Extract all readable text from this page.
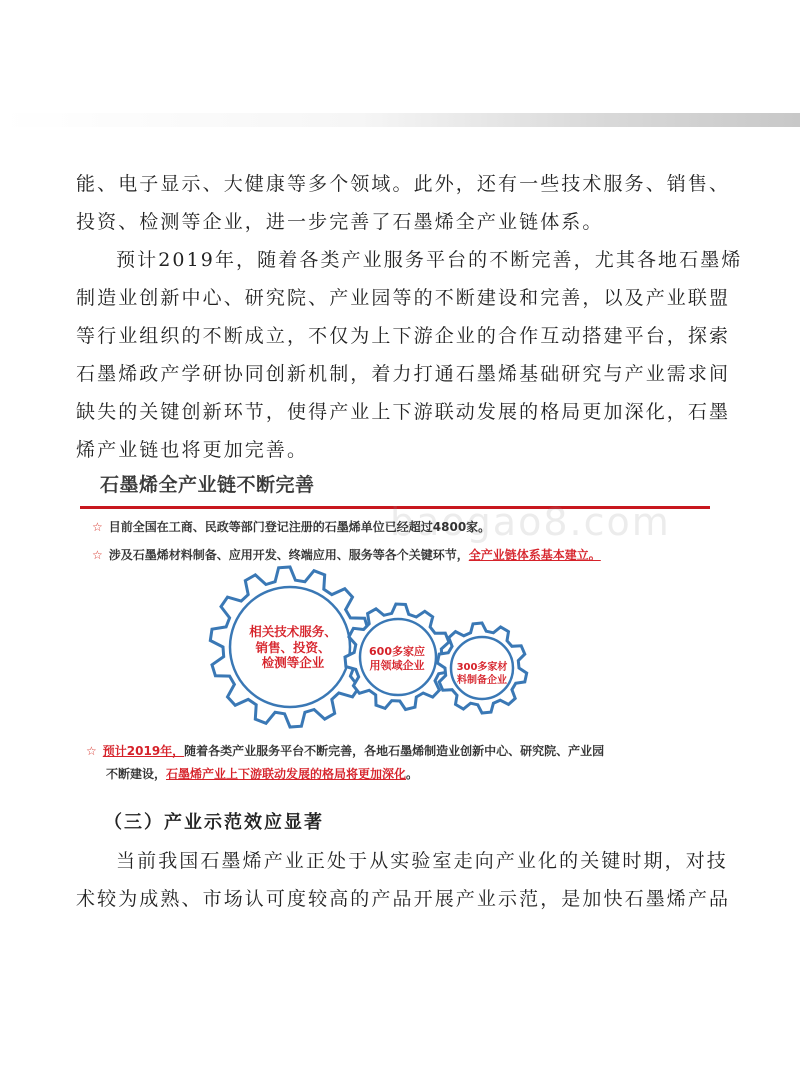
能、电子显示、大健康等多个领域。此外，还有一些技术服务、销售、
投资、检测等企业，进一步完善了石墨烯全产业链体系。

预计2019年，随着各类产业服务平台的不断完善，尤其各地石墨烯
制造业创新中心、研究院、产业园等的不断建设和完善，以及产业联盟
等行业组织的不断成立，不仅为上下游企业的合作互动搭建平台，探索
石墨烯政产学研协同创新机制，着力打通石墨烯基础研究与产业需求间
缺失的关键创新环节，使得产业上下游联动发展的格局更加深化，石墨
烯产业链也将更加完善。

石墨烯全产业链不断完善
baogao8.com
☆ 目前全国在工商、民政等部门登记注册的石墨烯单位已经超过4800家。
☆ 涉及石墨烯材料制备、应用开发、终端应用、服务等各个关键环节，全产业链体系基本建立。
相关技术服务、
销售、投资、
检测等企业
600多家应
用领域企业	300多家材
料制备企业
☆ 预计2019年，随着各类产业服务平台不断完善，各地石墨烯制造业创新中心、研究院、产业园
不断建设，石墨烯产业上下游联动发展的格局将更加深化。
（三）产业示范效应显著

当前我国石墨烯产业正处于从实验室走向产业化的关键时期，对技
术较为成熟、市场认可度较高的产品开展产业示范，是加快石墨烯产品
